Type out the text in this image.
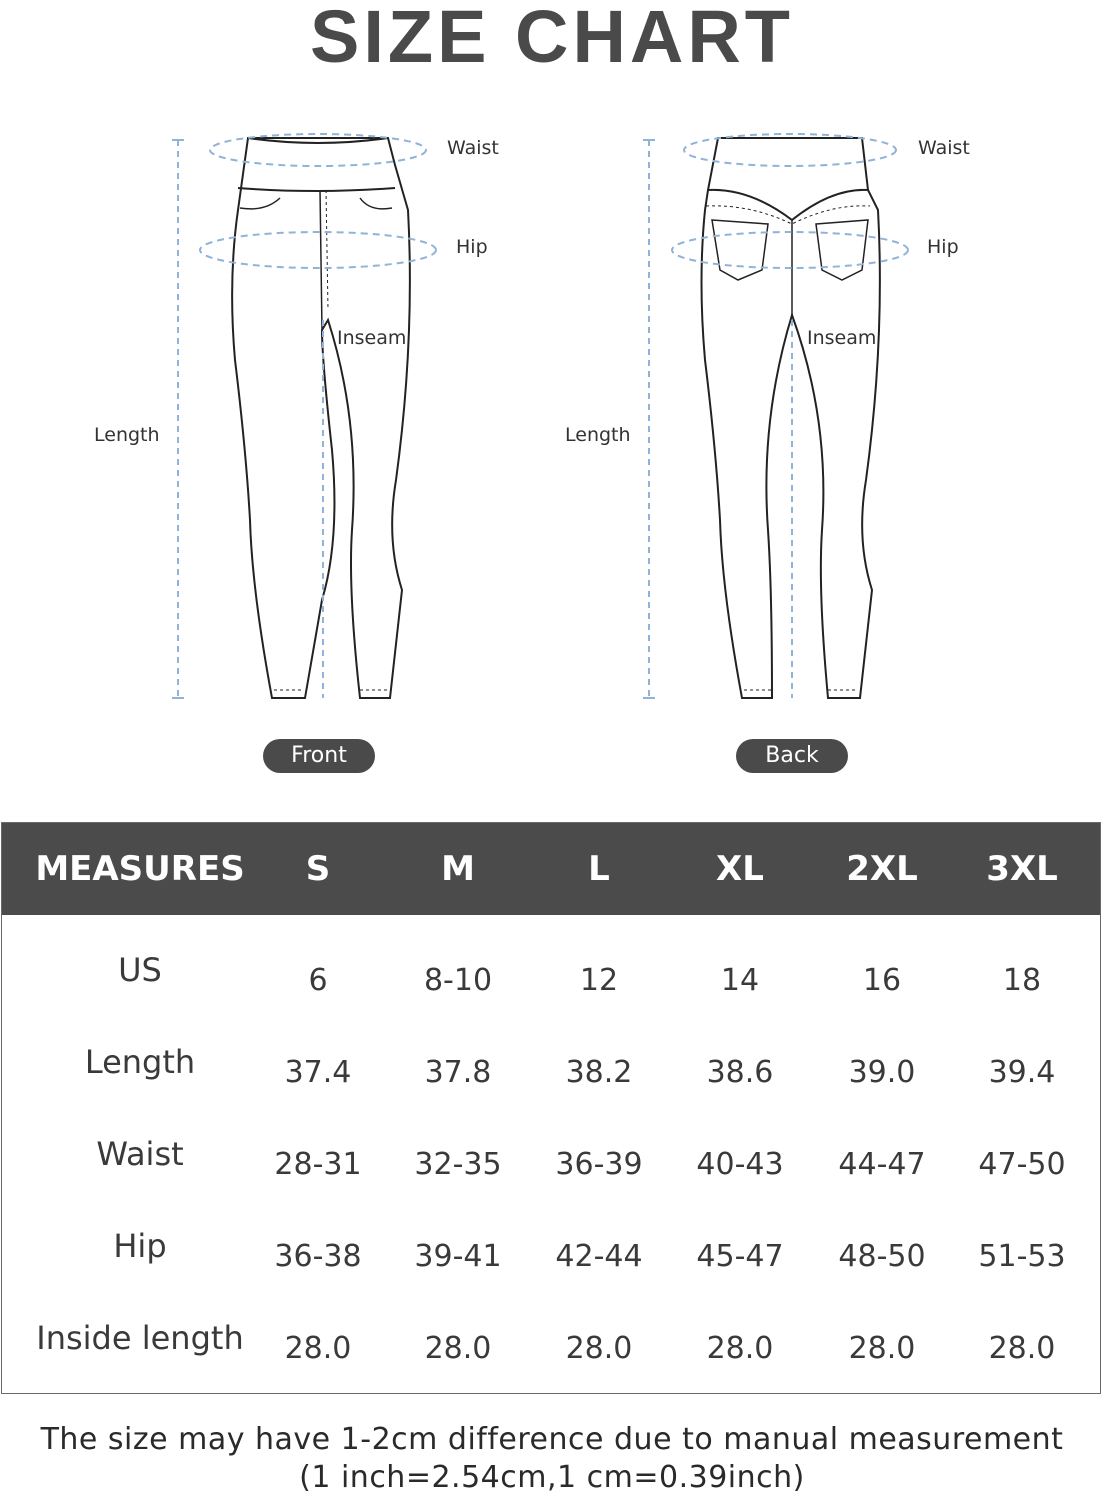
SIZE CHART
Waist
Hip
Inseam
Length
Front
Waist
Hip
Inseam
Length
Back
MEASURES	S	M	L	XL	2XL	3XL
US	6	8-10	12	14	16	18
Length	37.4	37.8	38.2	38.6	39.0	39.4
Waist	28-31	32-35	36-39	40-43	44-47	47-50
Hip	36-38	39-41	42-44	45-47	48-50	51-53
Inside length	28.0	28.0	28.0	28.0	28.0	28.0
The size may have 1-2cm difference due to manual measurement
(1 inch=2.54cm,1 cm=0.39inch)
